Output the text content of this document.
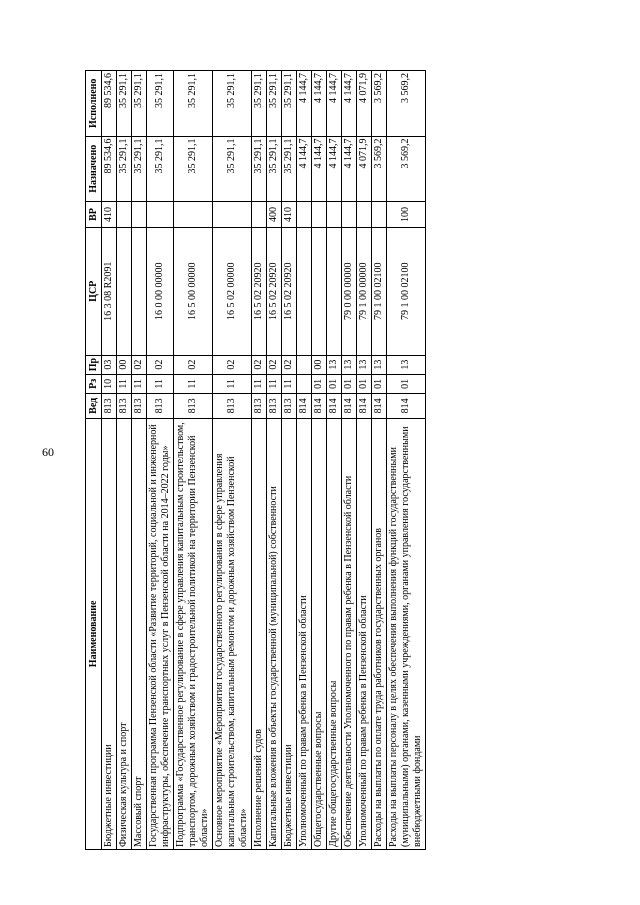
60
Наименование	Вед	Рз	Пр	ЦСР	ВР	Назначено	Исполнено
Бюджетные инвестиции	813	10	03	16 3 08 R2091	410	89 534,6	89 534,6
Физическая культура и спорт	813	11	00			35 291,1	35 291,1
Массовый спорт	813	11	02			35 291,1	35 291,1
Государственная программа Пензенской области «Развитие территорий, социальной и инженерной инфраструктуры, обеспечение транспортных услуг в Пензенской области на 2014–2022 годы»	813	11	02	16 0 00 00000		35 291,1	35 291,1
Подпрограмма «Государственное регулирование в сфере управления капитальным строительством, транспортом, дорожным хозяйством и градостроительной политикой на территории Пензенской области»	813	11	02	16 5 00 00000		35 291,1	35 291,1
Основное мероприятие «Мероприятия государственного регулирования в сфере управления капитальным строительством, капитальным ремонтом и дорожным хозяйством Пензенской области»	813	11	02	16 5 02 00000		35 291,1	35 291,1
Исполнение решений судов	813	11	02	16 5 02 20920		35 291,1	35 291,1
Капитальные вложения в объекты государственной (муниципальной) собственности	813	11	02	16 5 02 20920	400	35 291,1	35 291,1
Бюджетные инвестиции	813	11	02	16 5 02 20920	410	35 291,1	35 291,1
Уполномоченный по правам ребенка в Пензенской области	814					4 144,7	4 144,7
Общегосударственные вопросы	814	01	00			4 144,7	4 144,7
Другие общегосударственные вопросы	814	01	13			4 144,7	4 144,7
Обеспечение деятельности Уполномоченного по правам ребенка в Пензенской области	814	01	13	79 0 00 00000		4 144,7	4 144,7
Уполномоченный по правам ребенка в Пензенской области	814	01	13	79 1 00 00000		4 071,9	4 071,9
Расходы на выплаты по оплате труда работников государственных органов	814	01	13	79 1 00 02100		3 569,2	3 569,2
Расходы на выплаты персоналу в целях обеспечения выполнения функций государственными (муниципальными) органами, казенными учреждениями, органами управления государственными внебюджетными фондами	814	01	13	79 1 00 02100	100	3 569,2	3 569,2
